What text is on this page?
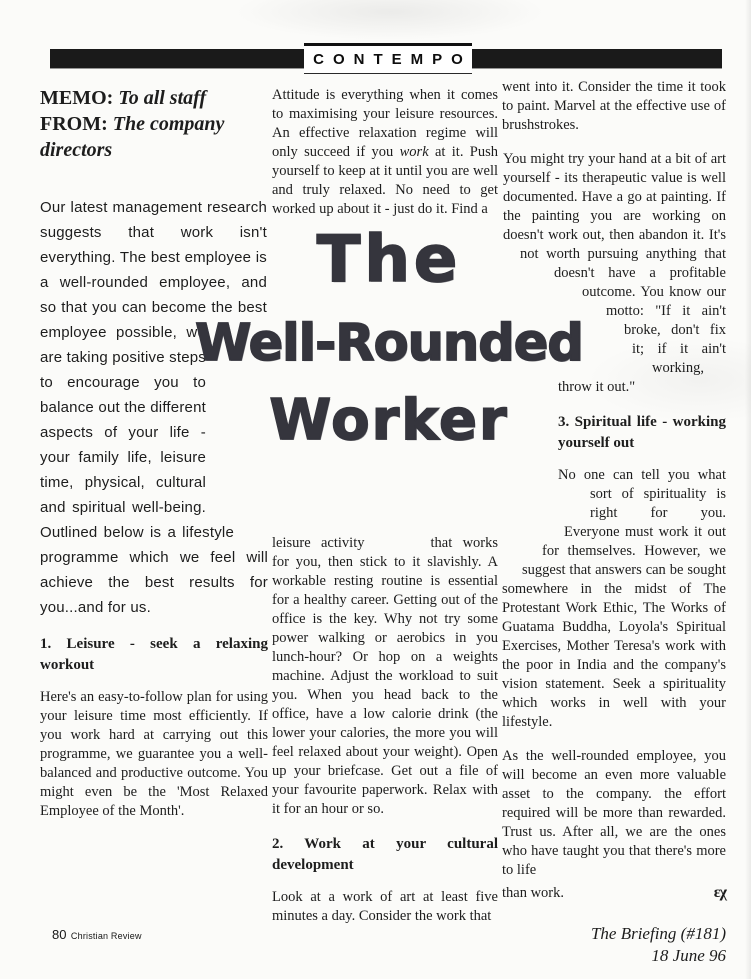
CONTEMPO
The
Well-Rounded
Worker
MEMO: To all staff
FROM: The company directors
Our latest management research suggests that work isn't everything. The best employee is a well-rounded employee, and so that you can become the best employee possible, we are taking positive steps to encourage you to balance out the different aspects of your life - your family life, leisure time, physical, cultural and spiritual well-being. Outlined below is a lifestyle programme which we feel will achieve the best results for you...and for us.
1. Leisure - seek a relaxing workout
Here's an easy-to-follow plan for using your leisure time most efficiently. If you work hard at carrying out this programme, we guarantee you a well-balanced and productive outcome. You might even be the 'Most Relaxed Employee of the Month'.
Attitude is everything when it comes to maximising your leisure resources. An effective relaxation regime will only succeed if you work at it. Push yourself to keep at it until you are well and truly relaxed. No need to get worked up about it - just do it. Find a
leisure activity	that works for you, then stick to it slavishly. A workable resting routine is essential for a healthy career. Getting out of the office is the key. Why not try some power walking or aerobics in you lunch-hour? Or hop on a weights machine. Adjust the workload to suit you. When you head back to the office, have a low calorie drink (the lower your calories, the more you will feel relaxed about your weight). Open up your briefcase. Get out a file of your favourite paperwork. Relax with it for an hour or so.
2. Work at your cultural development
Look at a work of art at least five minutes a day. Consider the work that
went into it. Consider the time it took to paint. Marvel at the effective use of brushstrokes.
You might try your hand at a bit of art yourself - its therapeutic value is well documented. Have a go at painting. If the painting you are working on doesn't work out, then abandon it. It's not worth pursuing anything that doesn't have a profitable outcome. You know our motto: "If it ain't broke, don't fix it; if it ain't working, throw it out."
3. Spiritual life - working yourself out
No one can tell you what sort of spirituality is right for you. Everyone must work it out for themselves. However, we suggest that answers can be sought somewhere in the midst of The Protestant Work Ethic, The Works of Guatama Buddha, Loyola's Spiritual Exercises, Mother Teresa's work with the poor in India and the company's vision statement. Seek a spirituality which works in well with your lifestyle.
As the well-rounded employee, you will become an even more valuable asset to the company. the effort required will be more than rewarded. Trust us. After all, we are the ones who have taught you that there's more to life
than work.	ɛχ
The Briefing (#181)
18 June 96
80 Christian Review
